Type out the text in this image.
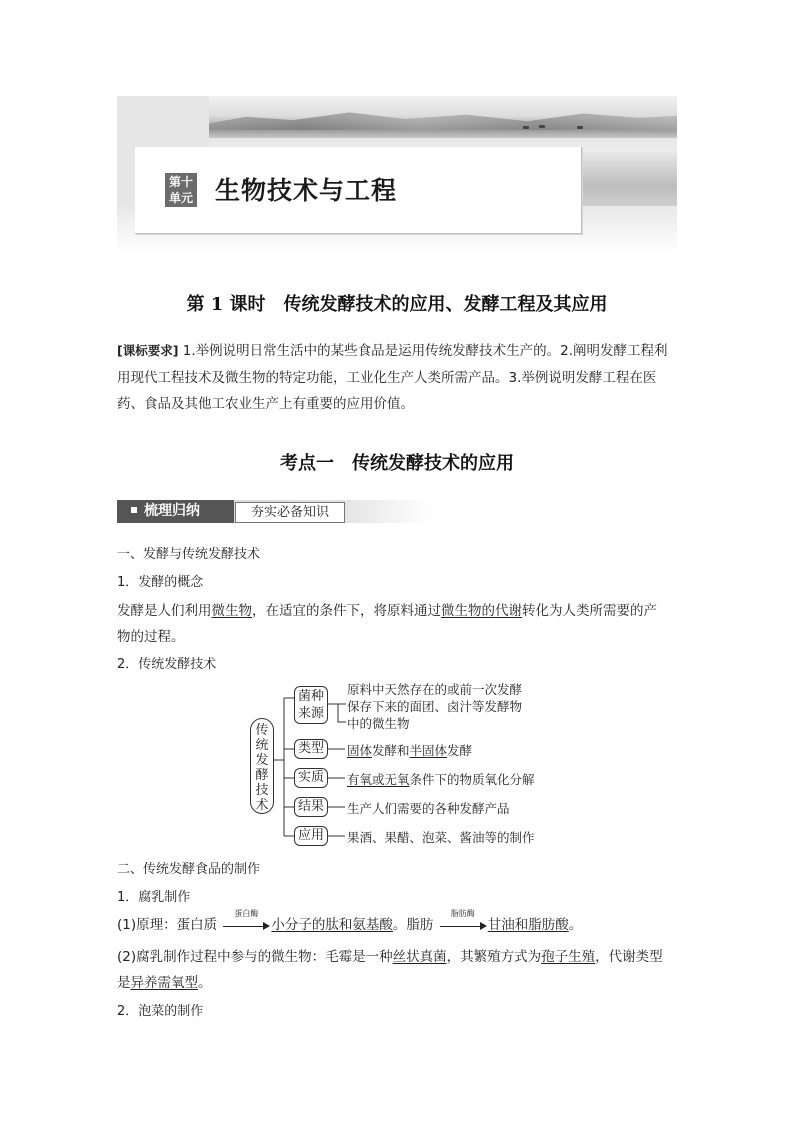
第十
单元 生物技术与工程
第 1 课时　传统发酵技术的应用、发酵工程及其应用
[课标要求] 1.举例说明日常生活中的某些食品是运用传统发酵技术生产的。2.阐明发酵工程利用现代工程技术及微生物的特定功能，工业化生产人类所需产品。3.举例说明发酵工程在医药、食品及其他工农业生产上有重要的应用价值。
考点一　传统发酵技术的应用
梳理归纳	夯实必备知识
一、发酵与传统发酵技术
1．发酵的概念
发酵是人们利用微生物，在适宜的条件下，将原料通过微生物的代谢转化为人类所需要的产
物的过程。
2．传统发酵技术
传
统
发
酵
技
术
菌种
来源
原料中天然存在的或前一次发酵
保存下来的面团、卤汁等发酵物
中的微生物
类型	固体发酵和半固体发酵
实质	有氧或无氧条件下的物质氧化分解
结果	生产人们需要的各种发酵产品
应用	果酒、果醋、泡菜、酱油等的制作
二、传统发酵食品的制作
1．腐乳制作
(1)原理：蛋白质
蛋白酶
小分子的肽和氨基酸。脂肪
脂肪酶
甘油和脂肪酸。
(2)腐乳制作过程中参与的微生物：毛霉是一种丝状真菌，其繁殖方式为孢子生殖，代谢类型
是异养需氧型。
2．泡菜的制作
